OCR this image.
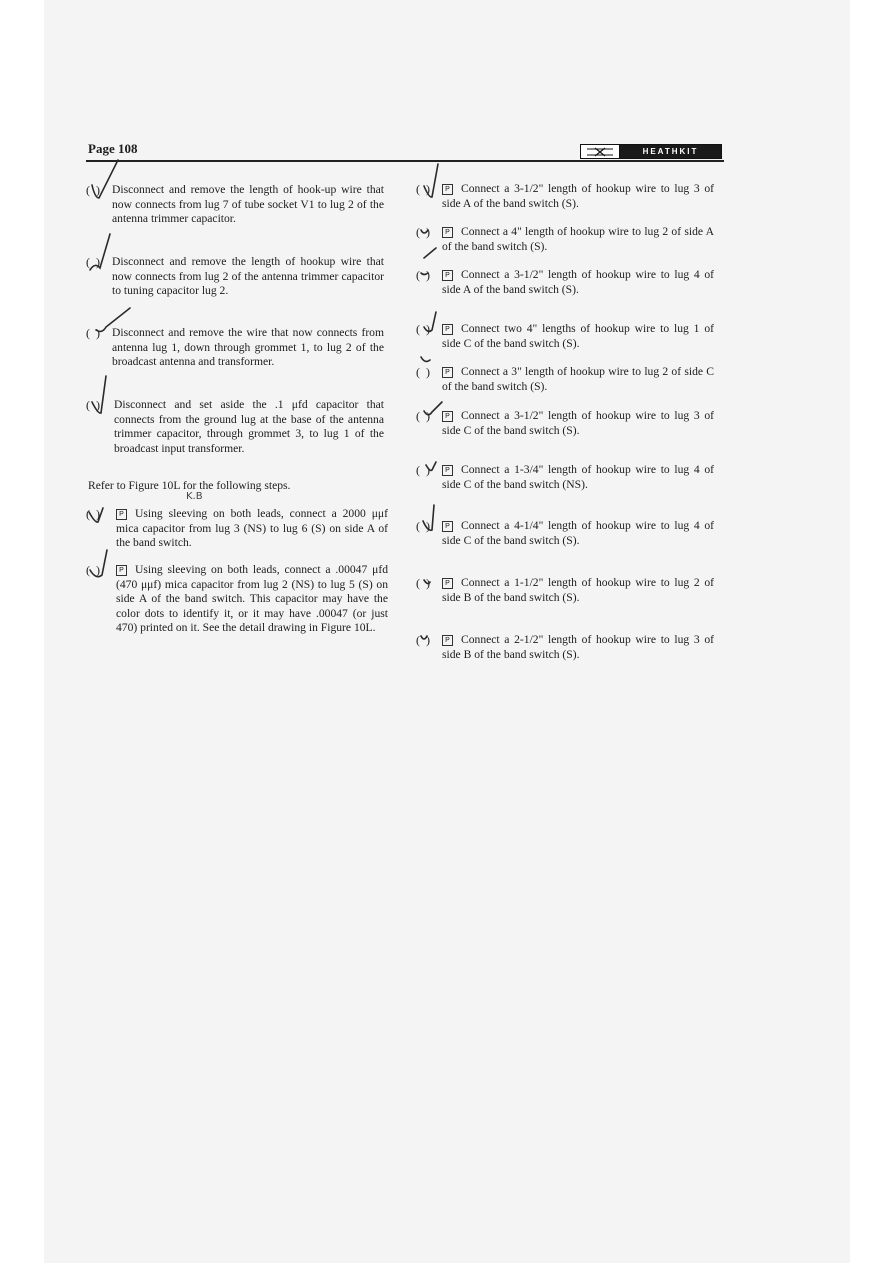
Page 108	HEATHKIT
(  ) Disconnect and remove the length of hook-up wire that now connects from lug 7 of tube socket V1 to lug 2 of the antenna trimmer capacitor.
(  ) Disconnect and remove the length of hookup wire that now connects from lug 2 of the antenna trimmer capacitor to tuning capacitor lug 2.
(  ) Disconnect and remove the wire that now connects from antenna lug 1, down through grommet 1, to lug 2 of the broadcast antenna and transformer.
(  ) Disconnect and set aside the .1 μfd capacitor that connects from the ground lug at the base of the antenna trimmer capacitor, through grommet 3, to lug 1 of the broadcast input transformer.
Refer to Figure 10L for the following steps.
K.B
(  )	P Using sleeving on both leads, connect a 2000 μμf mica capacitor from lug 3 (NS) to lug 6 (S) on side A of the band switch.
(  )	P Using sleeving on both leads, connect a .00047 μfd (470 μμf) mica capacitor from lug 2 (NS) to lug 5 (S) on side A of the band switch. This capacitor may have the color dots to identify it, or it may have .00047 (or just 470) printed on it. See the detail drawing in Figure 10L.
(  )	P Connect a 3-1/2" length of hookup wire to lug 3 of side A of the band switch (S).
(  )	P Connect a 4" length of hookup wire to lug 2 of side A of the band switch (S).
(  )	P Connect a 3-1/2" length of hookup wire to lug 4 of side A of the band switch (S).
(  )	P Connect two 4" lengths of hookup wire to lug 1 of side C of the band switch (S).
(  )	P Connect a 3" length of hookup wire to lug 2 of side C of the band switch (S).
(  )	P Connect a 3-1/2" length of hookup wire to lug 3 of side C of the band switch (S).
(  )	P Connect a 1-3/4" length of hookup wire to lug 4 of side C of the band switch (NS).
(  )	P Connect a 4-1/4" length of hookup wire to lug 4 of side C of the band switch (S).
(  )	P Connect a 1-1/2" length of hookup wire to lug 2 of side B of the band switch (S).
(  )	P Connect a 2-1/2" length of hookup wire to lug 3 of side B of the band switch (S).
